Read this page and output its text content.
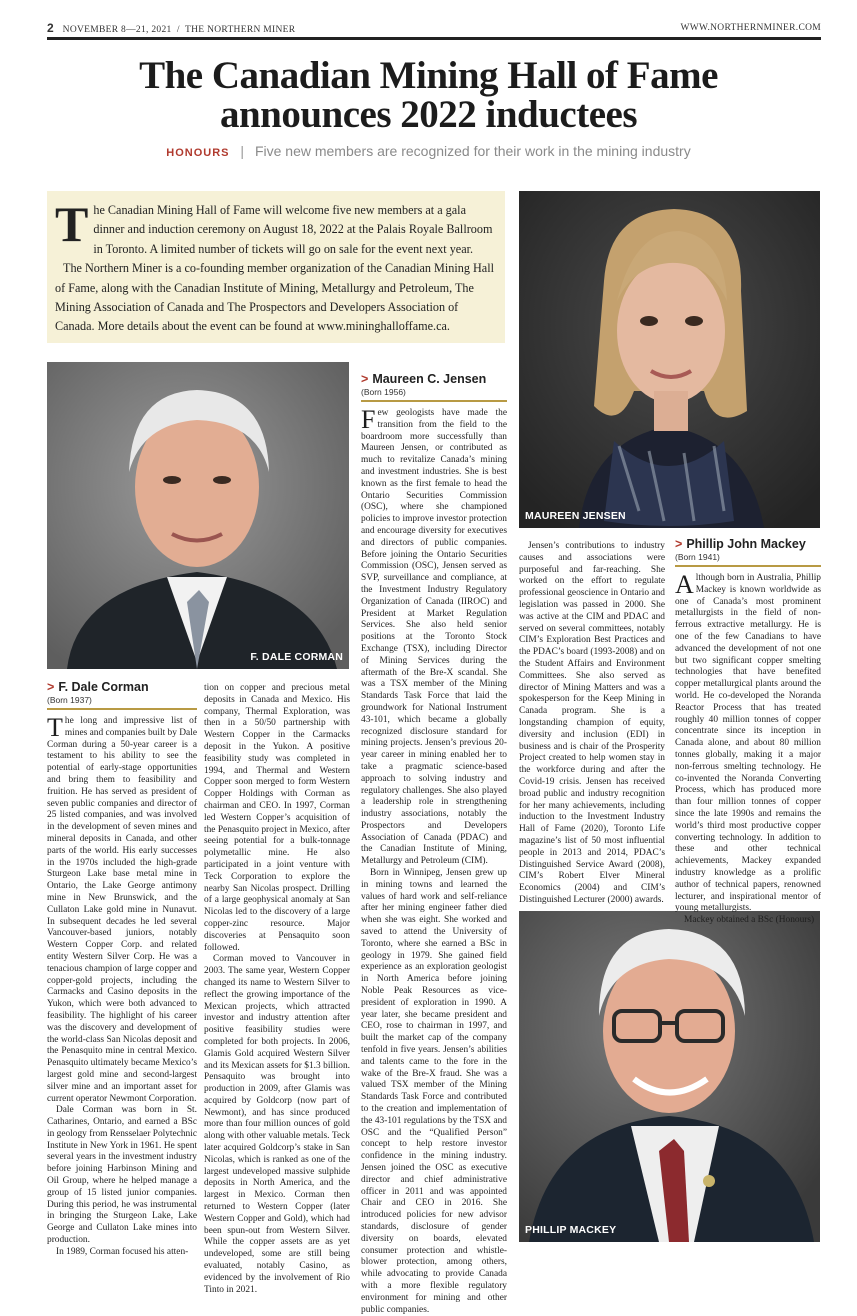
2 NOVEMBER 8—21, 2021  /  THE NORTHERN MINER	WWW.NORTHERNMINER.COM
The Canadian Mining Hall of Fame
announces 2022 inductees
HONOURS | Five new members are recognized for their work in the mining industry
T he Canadian Mining Hall of Fame will welcome five new members at a gala dinner and induction ceremony on August 18, 2022 at the Palais Royale Ballroom in Toronto. A limited number of tickets will go on sale for the event next year.

The Northern Miner is a co-founding member organization of the Canadian Mining Hall of Fame, along with the Canadian Institute of Mining, Metallurgy and Petroleum, The Mining Association of Canada and The Prospectors and Developers Association of Canada. More details about the event can be found at www.mininghalloffame.ca.

MAUREEN JENSEN
F. DALE CORMAN
PHILLIP MACKEY
> F. Dale Corman
(Born 1937)

The long and impressive list of mines and companies built by Dale Corman during a 50-year career is a testament to his ability to see the potential of early-stage opportunities and bring them to feasibility and fruition. He has served as president of seven public companies and director of 25 listed companies, and was involved in the development of seven mines and mineral deposits in Canada, and other parts of the world. His early successes in the 1970s included the high-grade Sturgeon Lake base metal mine in Ontario, the Lake George antimony mine in New Brunswick, and the Cullaton Lake gold mine in Nunavut. In subsequent decades he led several Vancouver-based juniors, notably Western Copper Corp. and related entity Western Silver Corp. He was a tenacious champion of large copper and copper-gold projects, including the Carmacks and Casino deposits in the Yukon, which were both advanced to feasibility. The highlight of his career was the discovery and development of the world-class San Nicolas deposit and the Penasquito mine in central Mexico. Penasquito ultimately became Mexico’s largest gold mine and second-largest silver mine and an important asset for current operator Newmont Corporation.

Dale Corman was born in St. Catharines, Ontario, and earned a BSc in geology from Rensselaer Polytechnic Institute in New York in 1961. He spent several years in the investment industry before joining Harbinson Mining and Oil Group, where he helped manage a group of 15 listed junior companies. During this period, he was instrumental in bringing the Sturgeon Lake, Lake George and Cullaton Lake mines into production.

In 1989, Corman focused his atten-

tion on copper and precious metal deposits in Canada and Mexico. His company, Thermal Exploration, was then in a 50/50 partnership with Western Copper in the Carmacks deposit in the Yukon. A positive feasibility study was completed in 1994, and Thermal and Western Copper soon merged to form Western Copper Holdings with Corman as chairman and CEO. In 1997, Corman led Western Copper’s acquisition of the Penasquito project in Mexico, after seeing potential for a bulk-tonnage polymetallic mine. He also participated in a joint venture with Teck Corporation to explore the nearby San Nicolas prospect. Drilling of a large geophysical anomaly at San Nicolas led to the discovery of a large copper-zinc resource. Major discoveries at Pensaquito soon followed.

Corman moved to Vancouver in 2003. The same year, Western Copper changed its name to Western Silver to reflect the growing importance of the Mexican projects, which attracted investor and industry attention after positive feasibility studies were completed for both projects. In 2006, Glamis Gold acquired Western Silver and its Mexican assets for $1.3 billion. Pensaquito was brought into production in 2009, after Glamis was acquired by Goldcorp (now part of Newmont), and has since produced more than four million ounces of gold along with other valuable metals. Teck later acquired Goldcorp’s stake in San Nicolas, which is ranked as one of the largest undeveloped massive sulphide deposits in North America, and the largest in Mexico. Corman then returned to Western Copper (later Western Copper and Gold), which had been spun-out from Western Silver. While the copper assets are as yet undeveloped, some are still being evaluated, notably Casino, as evidenced by the involvement of Rio Tinto in 2021.

> Maureen C. Jensen
(Born 1956)

Few geologists have made the transition from the field to the boardroom more successfully than Maureen Jensen, or contributed as much to revitalize Canada’s mining and investment industries. She is best known as the first female to head the Ontario Securities Commission (OSC), where she championed policies to improve investor protection and encourage diversity for executives and directors of public companies. Before joining the Ontario Securities Commission (OSC), Jensen served as SVP, surveillance and compliance, at the Investment Industry Regulatory Organization of Canada (IIROC) and President at Market Regulation Services. She also held senior positions at the Toronto Stock Exchange (TSX), including Director of Mining Services during the aftermath of the Bre-X scandal. She was a TSX member of the Mining Standards Task Force that laid the groundwork for National Instrument 43-101, which became a globally recognized disclosure standard for mining projects. Jensen’s previous 20-year career in mining enabled her to take a pragmatic science-based approach to solving industry and regulatory challenges. She also played a leadership role in strengthening industry associations, notably the Prospectors and Developers Association of Canada (PDAC) and the Canadian Institute of Mining, Metallurgy and Petroleum (CIM).

Born in Winnipeg, Jensen grew up in mining towns and learned the values of hard work and self-reliance after her mining engineer father died when she was eight. She worked and saved to attend the University of Toronto, where she earned a BSc in geology in 1979. She gained field experience as an exploration geologist in North America before joining Noble Peak Resources as vice-president of exploration in 1990. A year later, she became president and CEO, rose to chairman in 1997, and built the market cap of the company tenfold in five years. Jensen’s abilities and talents came to the fore in the wake of the Bre-X fraud. She was a valued TSX member of the Mining Standards Task Force and contributed to the creation and implementation of the 43-101 regulations by the TSX and OSC and the “Qualified Person” concept to help restore investor confidence in the mining industry. Jensen joined the OSC as executive director and chief administrative officer in 2011 and was appointed Chair and CEO in 2016. She introduced policies for new advisor standards, disclosure of gender diversity on boards, elevated consumer protection and whistle-blower protection, among others, while advocating to provide Canada with a more flexible regulatory environment for mining and other public companies.

Jensen’s contributions to industry causes and associations were purposeful and far-reaching. She worked on the effort to regulate professional geoscience in Ontario and legislation was passed in 2000. She was active at the CIM and PDAC and served on several committees, notably CIM’s Exploration Best Practices and the PDAC’s board (1993-2008) and on the Student Affairs and Environment Committees. She also served as director of Mining Matters and was a spokesperson for the Keep Mining in Canada program. She is a longstanding champion of equity, diversity and inclusion (EDI) in business and is chair of the Prosperity Project created to help women stay in the workforce during and after the Covid-19 crisis. Jensen has received broad public and industry recognition for her many achievements, including induction to the Investment Industry Hall of Fame (2020), Toronto Life magazine’s list of 50 most influential people in 2013 and 2014, PDAC’s Distinguished Service Award (2008), CIM’s Robert Elver Mineral Economics (2004) and CIM’s Distinguished Lecturer (2000) awards.

> Phillip John Mackey
(Born 1941)

Although born in Australia, Phillip Mackey is known worldwide as one of Canada’s most prominent metallurgists in the field of non-ferrous extractive metallurgy. He is one of the few Canadians to have advanced the development of not one but two significant copper smelting technologies that have benefited copper metallurgical plants around the world. He co-developed the Noranda Reactor Process that has treated roughly 40 million tonnes of copper concentrate since its inception in Canada alone, and about 80 million tonnes globally, making it a major non-ferrous smelting technology. He co-invented the Noranda Converting Process, which has produced more than four million tonnes of copper since the late 1990s and remains the world’s third most productive copper converting technology. In addition to these and other technical achievements, Mackey expanded industry knowledge as a prolific author of technical papers, renowned lecturer, and inspirational mentor of young metallurgists.

Mackey obtained a BSc (Honours)
